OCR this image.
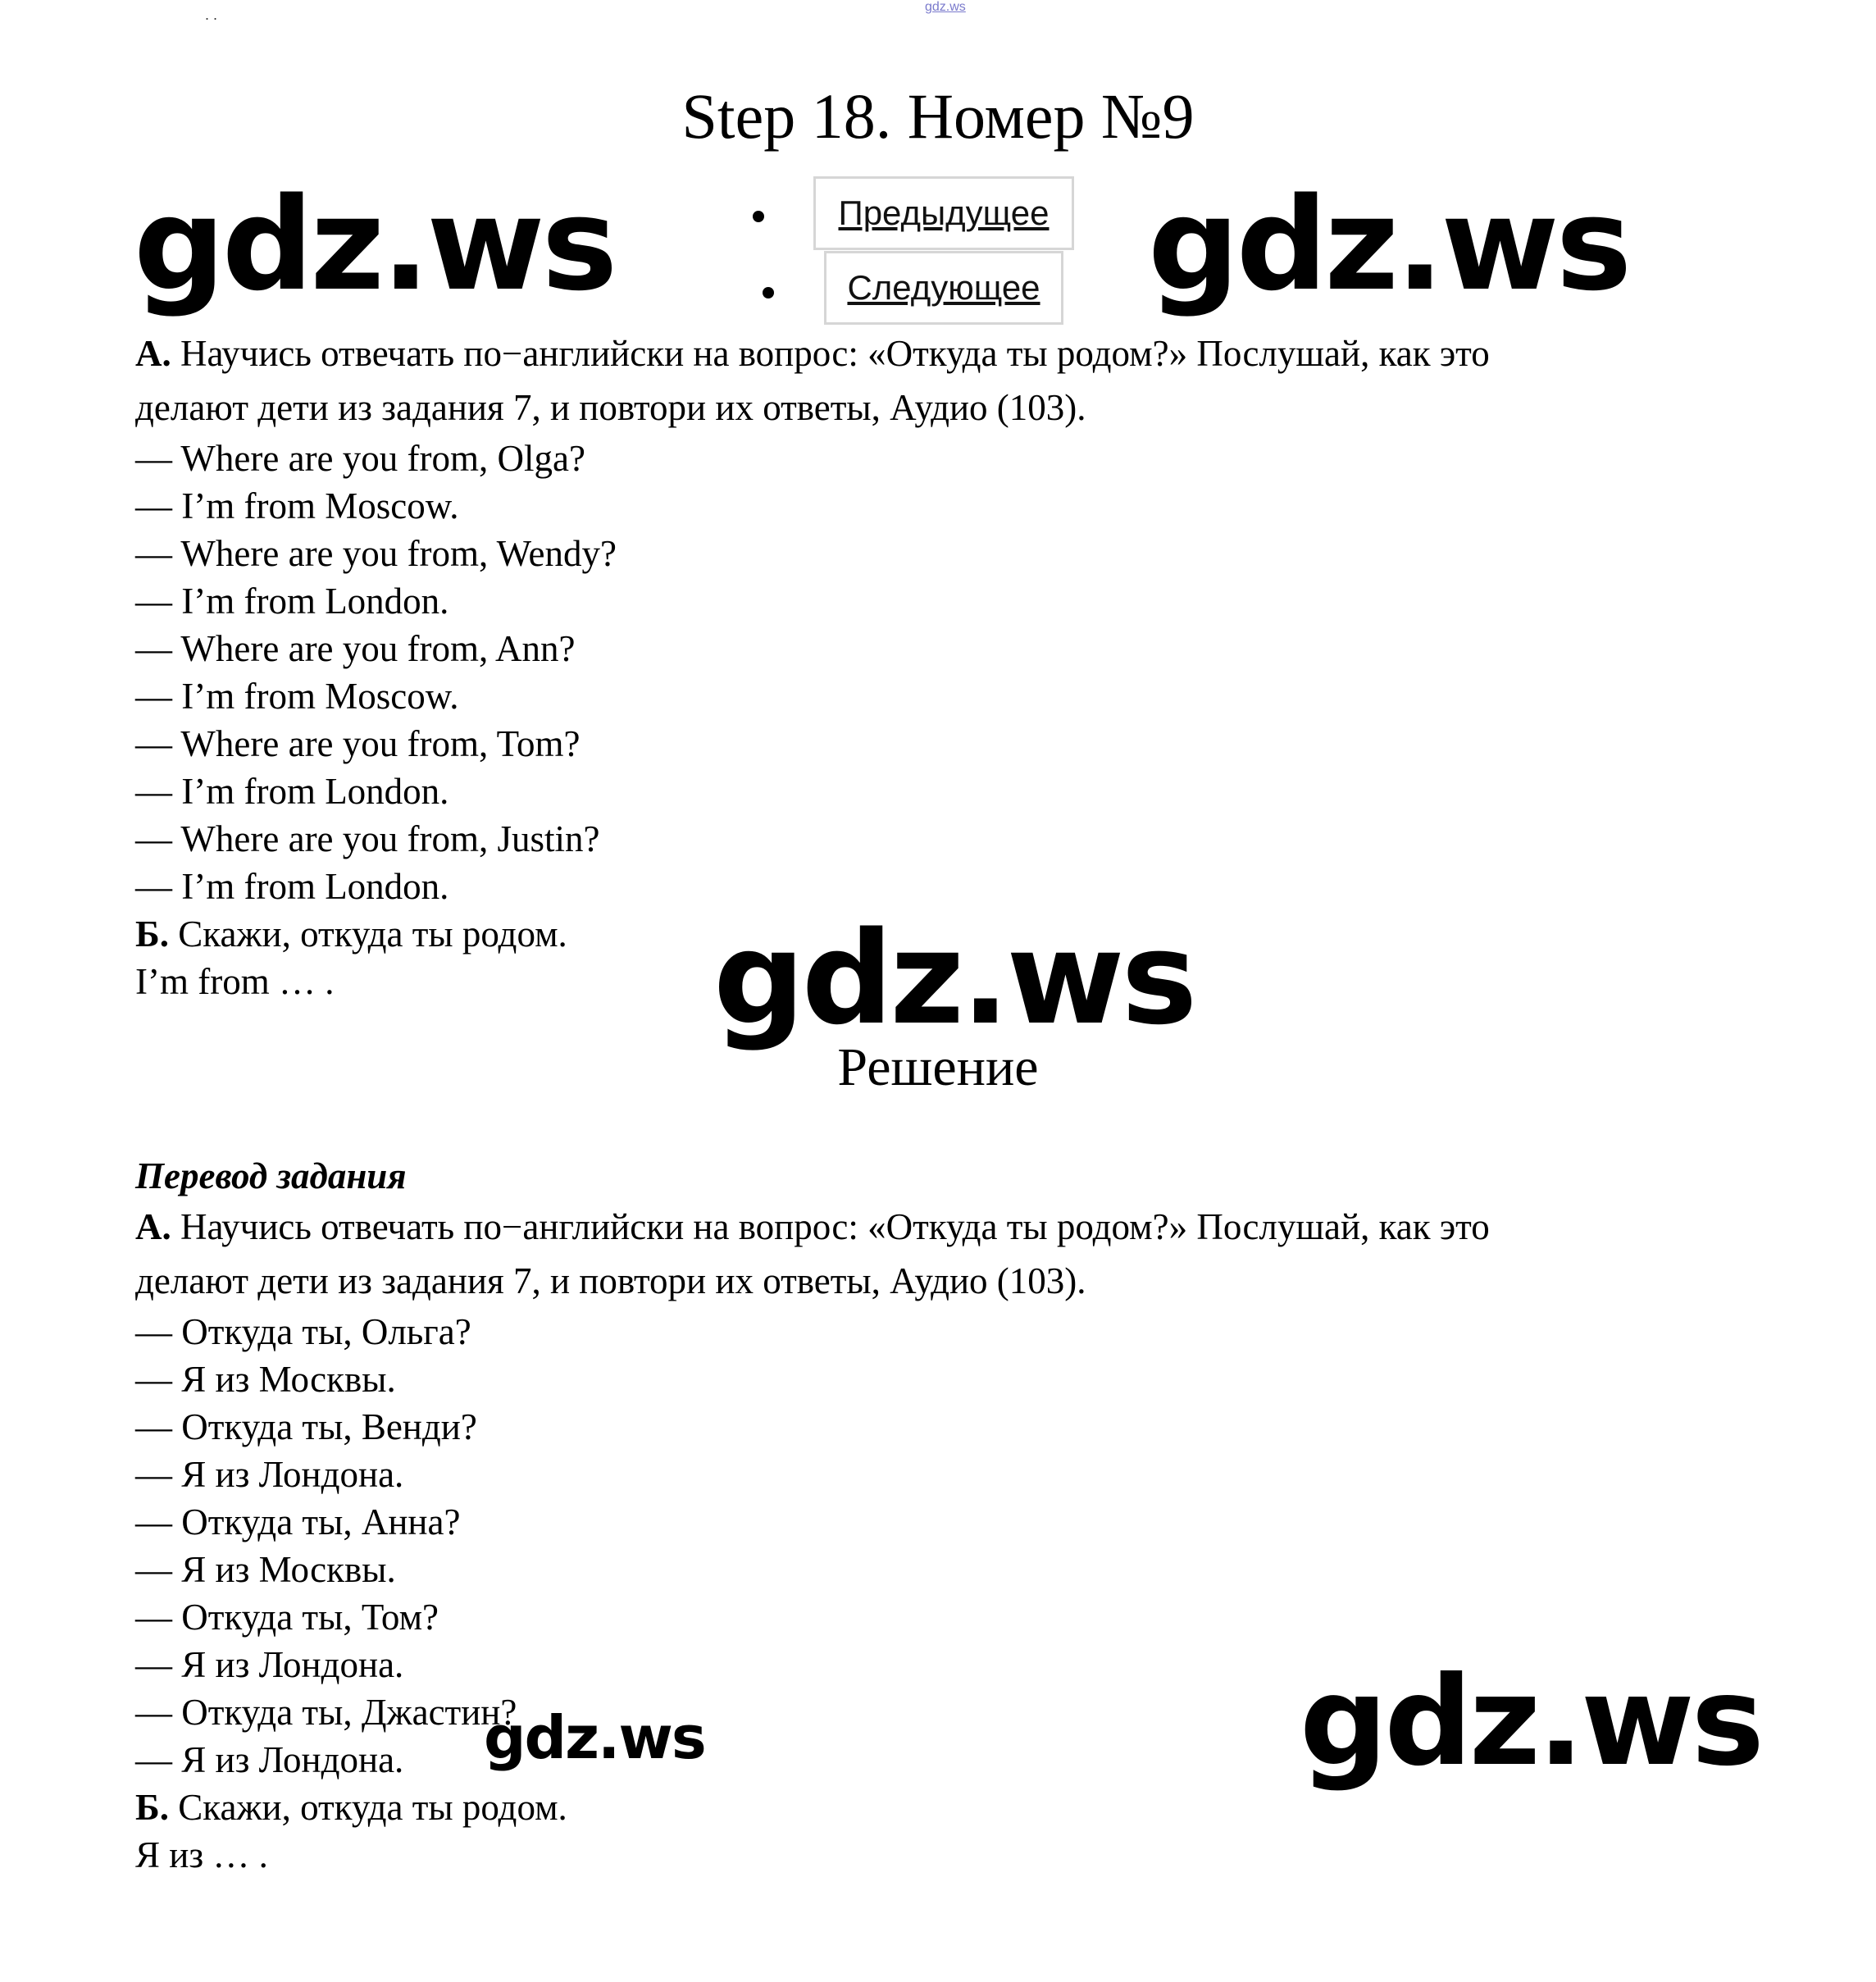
gdz.ws
. .
Step 18. Номер №9
gdz.ws	gdz.ws
Предыдущее
Следующее
А. Научись отвечать по−английски на вопрос: «Откуда ты родом?» Послушай, как это
делают дети из задания 7, и повтори их ответы, Аудио (103).
— Where are you from, Olga?
— I’m from Moscow.
— Where are you from, Wendy?
— I’m from London.
— Where are you from, Ann?
— I’m from Moscow.
— Where are you from, Tom?
— I’m from London.
— Where are you from, Justin?
— I’m from London.
Б. Скажи, откуда ты родом.
I’m from … .	gdz.ws
Решение
Перевод задания
А. Научись отвечать по−английски на вопрос: «Откуда ты родом?» Послушай, как это
делают дети из задания 7, и повтори их ответы, Аудио (103).
— Откуда ты, Ольга?
— Я из Москвы.
— Откуда ты, Венди?
— Я из Лондона.
— Откуда ты, Анна?
— Я из Москвы.
— Откуда ты, Том?
— Я из Лондона.
— Откуда ты, Джастин?
— Я из Лондона.
Б. Скажи, откуда ты родом.
Я из … .
gdz.ws	gdz.ws
